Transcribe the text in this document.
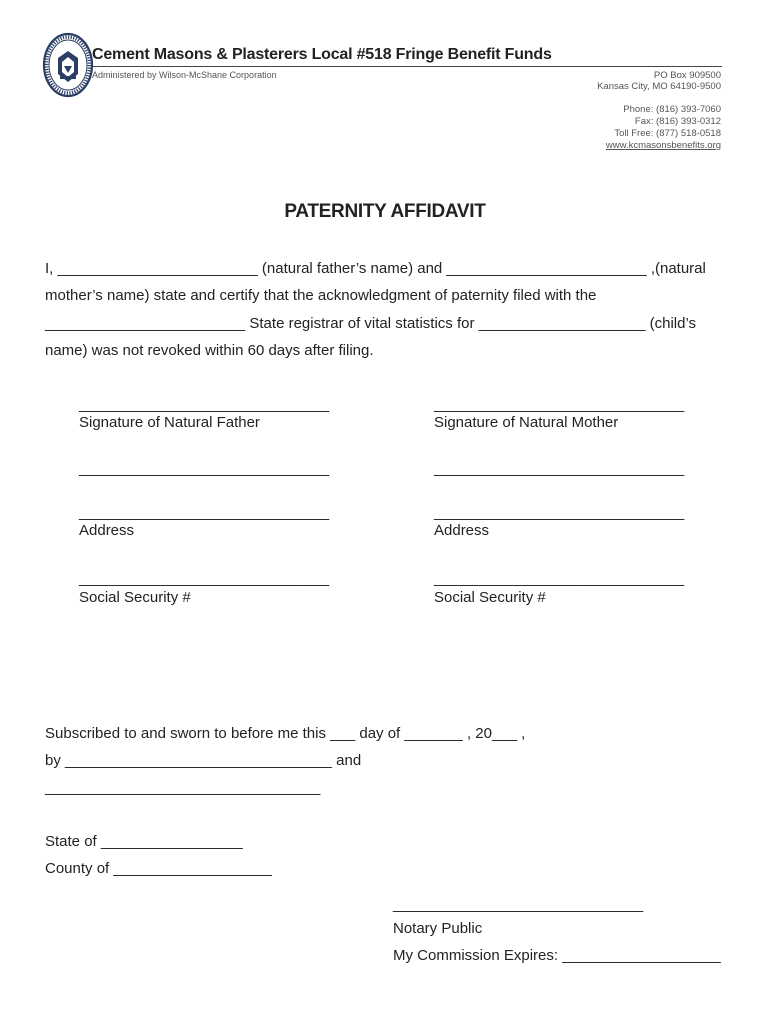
Cement Masons & Plasterers Local #518 Fringe Benefit Funds
Administered by Wilson-McShane Corporation	PO Box 909500
Kansas City, MO 64190-9500
Phone: (816) 393-7060
Fax: (816) 393-0312
Toll Free: (877) 518-0518
www.kcmasonsbenefits.org
PATERNITY AFFIDAVIT
I, ________________________ (natural father’s name) and ________________________ ,(natural
mother’s name) state and certify that the acknowledgment of paternity filed with the
________________________ State registrar of vital statistics for ____________________ (child’s
name) was not revoked within 60 days after filing.
______________________________
Signature of Natural Father
______________________________
______________________________
Address
______________________________
Social Security #
______________________________
Signature of Natural Mother
______________________________
______________________________
Address
______________________________
Social Security #
Subscribed to and sworn to before me this ___ day of _______ , 20___ ,
by ________________________________ and
_________________________________
State of _________________
County of ___________________
______________________________
Notary Public
My Commission Expires: ___________________
